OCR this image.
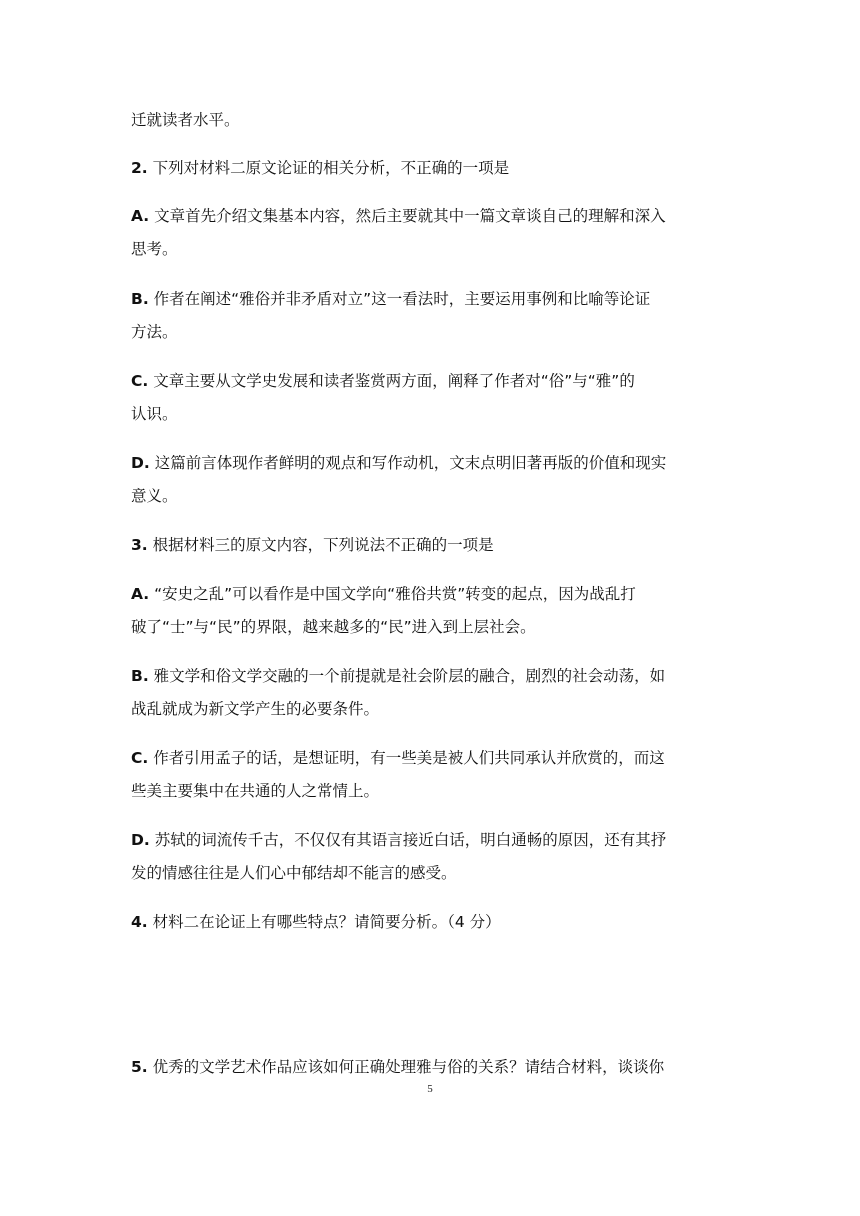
迁就读者水平。
2. 下列对材料二原文论证的相关分析，不正确的一项是
A. 文章首先介绍文集基本内容，然后主要就其中一篇文章谈自己的理解和深入
思考。
B. 作者在阐述“雅俗并非矛盾对立”这一看法时，主要运用事例和比喻等论证
方法。
C. 文章主要从文学史发展和读者鉴赏两方面，阐释了作者对“俗”与“雅”的
认识。
D. 这篇前言体现作者鲜明的观点和写作动机，文末点明旧著再版的价值和现实
意义。
3. 根据材料三的原文内容，下列说法不正确的一项是
A. “安史之乱”可以看作是中国文学向“雅俗共赏”转变的起点，因为战乱打
破了“士”与“民”的界限，越来越多的“民”进入到上层社会。
B. 雅文学和俗文学交融的一个前提就是社会阶层的融合，剧烈的社会动荡，如
战乱就成为新文学产生的必要条件。
C. 作者引用孟子的话，是想证明，有一些美是被人们共同承认并欣赏的，而这
些美主要集中在共通的人之常情上。
D. 苏轼的词流传千古，不仅仅有其语言接近白话，明白通畅的原因，还有其抒
发的情感往往是人们心中郁结却不能言的感受。
4. 材料二在论证上有哪些特点？请简要分析。（4 分）
5. 优秀的文学艺术作品应该如何正确处理雅与俗的关系？请结合材料，谈谈你
5
